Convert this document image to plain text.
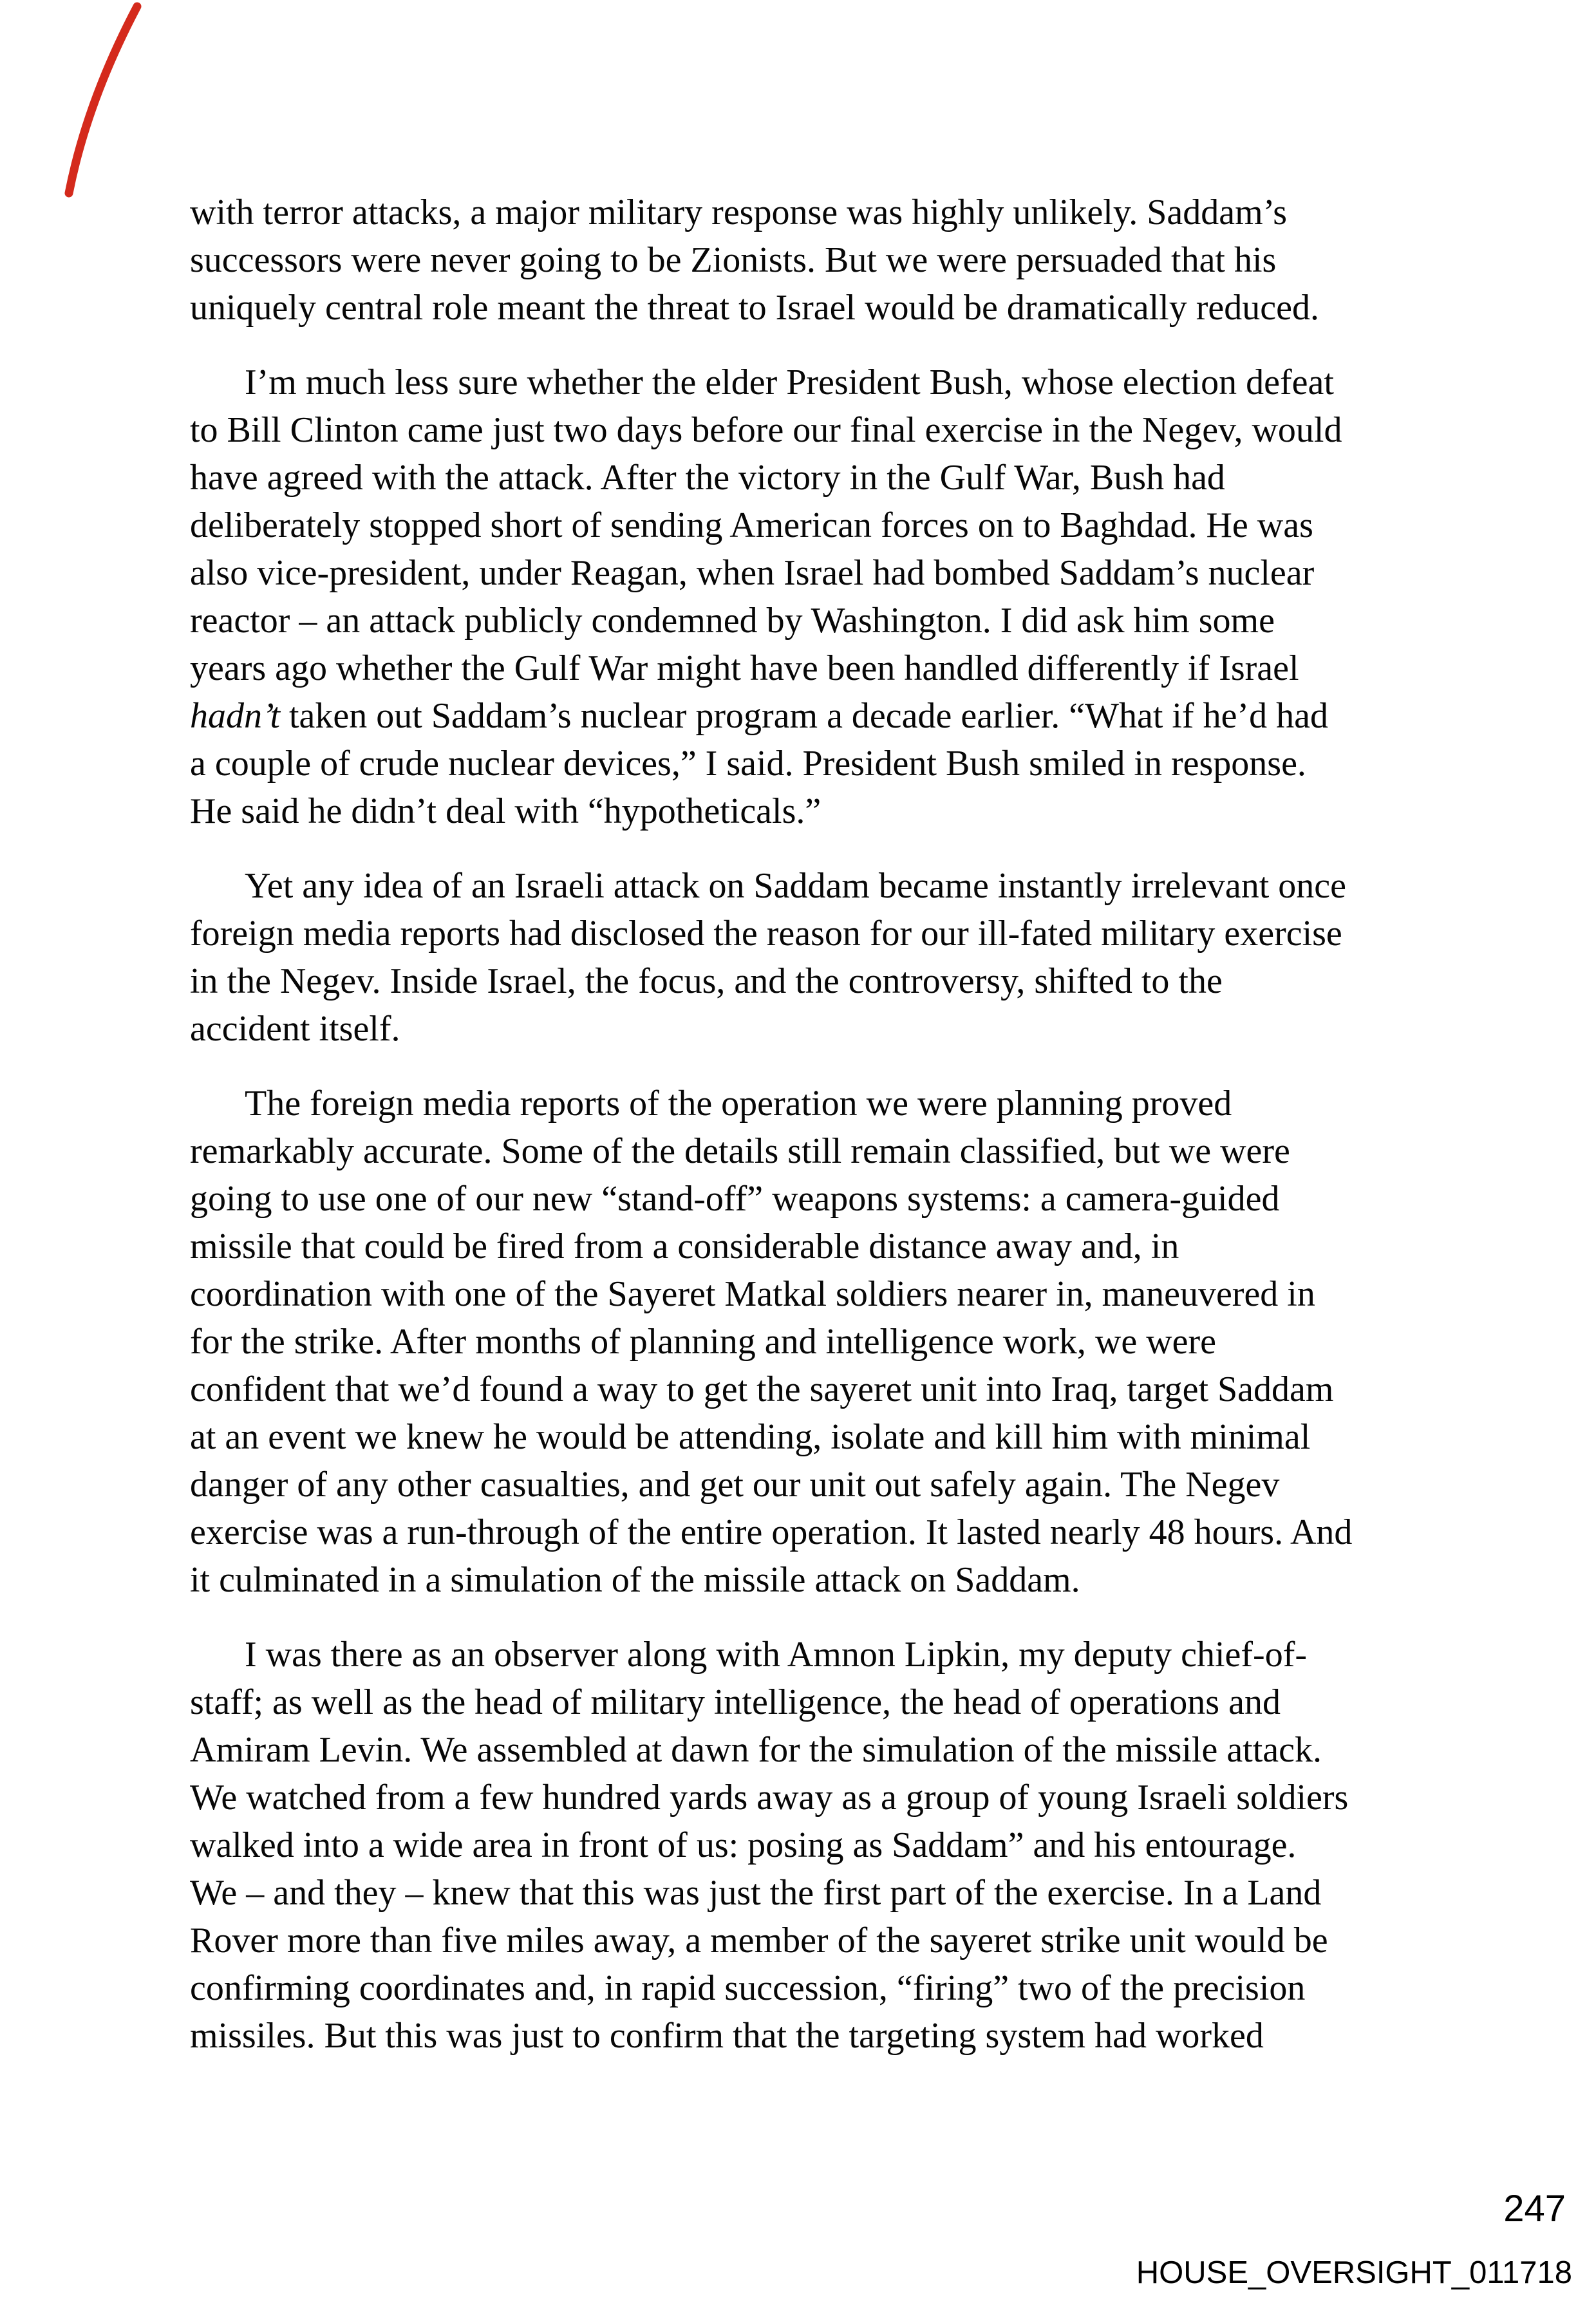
with terror attacks, a major military response was highly unlikely. Saddam’s
successors were never going to be Zionists. But we were persuaded that his
uniquely central role meant the threat to Israel would be dramatically reduced.
I’m much less sure whether the elder President Bush, whose election defeat
to Bill Clinton came just two days before our final exercise in the Negev, would
have agreed with the attack. After the victory in the Gulf War, Bush had
deliberately stopped short of sending American forces on to Baghdad. He was
also vice-president, under Reagan, when Israel had bombed Saddam’s nuclear
reactor – an attack publicly condemned by Washington. I did ask him some
years ago whether the Gulf War might have been handled differently if Israel
hadn’t taken out Saddam’s nuclear program a decade earlier. “What if he’d had
a couple of crude nuclear devices,” I said. President Bush smiled in response.
He said he didn’t deal with “hypotheticals.”
Yet any idea of an Israeli attack on Saddam became instantly irrelevant once
foreign media reports had disclosed the reason for our ill-fated military exercise
in the Negev. Inside Israel, the focus, and the controversy, shifted to the
accident itself.
The foreign media reports of the operation we were planning proved
remarkably accurate. Some of the details still remain classified, but we were
going to use one of our new “stand-off” weapons systems: a camera-guided
missile that could be fired from a considerable distance away and, in
coordination with one of the Sayeret Matkal soldiers nearer in, maneuvered in
for the strike. After months of planning and intelligence work, we were
confident that we’d found a way to get the sayeret unit into Iraq, target Saddam
at an event we knew he would be attending, isolate and kill him with minimal
danger of any other casualties, and get our unit out safely again. The Negev
exercise was a run-through of the entire operation. It lasted nearly 48 hours. And
it culminated in a simulation of the missile attack on Saddam.
I was there as an observer along with Amnon Lipkin, my deputy chief-of-
staff; as well as the head of military intelligence, the head of operations and
Amiram Levin. We assembled at dawn for the simulation of the missile attack.
We watched from a few hundred yards away as a group of young Israeli soldiers
walked into a wide area in front of us: posing as Saddam” and his entourage.
We – and they – knew that this was just the first part of the exercise. In a Land
Rover more than five miles away, a member of the sayeret strike unit would be
confirming coordinates and, in rapid succession, “firing” two of the precision
missiles. But this was just to confirm that the targeting system had worked
247
HOUSE_OVERSIGHT_011718
